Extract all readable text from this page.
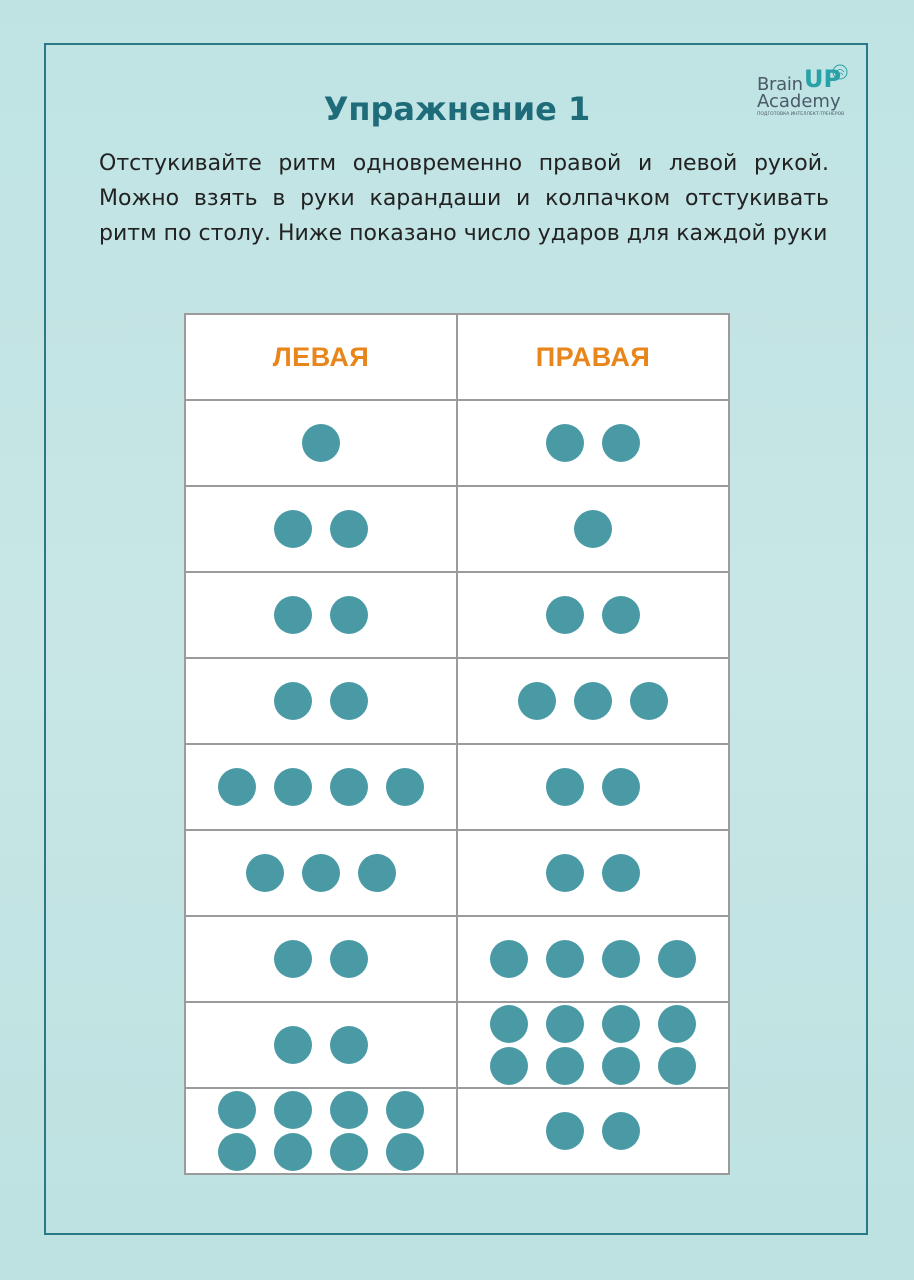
Brain UP
Academy
ПОДГОТОВКА ИНТЕЛЛЕКТ-ТРЕНЕРОВ
Упражнение 1

Отстукивайте ритм одновременно правой и левой рукой. Можно взять в руки карандаши и колпачком отстукивать ритм по столу. Ниже показано число ударов для каждой руки

ЛЕВАЯ	ПРАВАЯ
